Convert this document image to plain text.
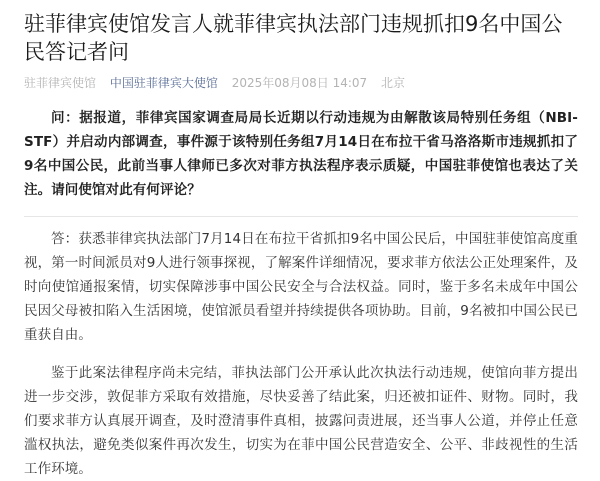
驻菲律宾使馆发言人就菲律宾执法部门违规抓扣9名中国公民答记者问
驻菲律宾使馆 中国驻菲律宾大使馆 2025年08月08日 14:07 北京

问：据报道，菲律宾国家调查局局长近期以行动违规为由解散该局特别任务组（NBI-STF）并启动内部调查，事件源于该特别任务组7月14日在布拉干省马洛洛斯市违规抓扣了9名中国公民，此前当事人律师已多次对菲方执法程序表示质疑，中国驻菲使馆也表达了关注。请问使馆对此有何评论？

答：获悉菲律宾执法部门7月14日在布拉干省抓扣9名中国公民后，中国驻菲使馆高度重视，第一时间派员对9人进行领事探视，了解案件详细情况，要求菲方依法公正处理案件，及时向使馆通报案情，切实保障涉事中国公民安全与合法权益。同时，鉴于多名未成年中国公民因父母被扣陷入生活困境，使馆派员看望并持续提供各项协助。目前，9名被扣中国公民已重获自由。

鉴于此案法律程序尚未完结，菲执法部门公开承认此次执法行动违规，使馆向菲方提出进一步交涉，敦促菲方采取有效措施，尽快妥善了结此案，归还被扣证件、财物。同时，我们要求菲方认真展开调查，及时澄清事件真相，披露问责进展，还当事人公道，并停止任意滥权执法，避免类似案件再次发生，切实为在菲中国公民营造安全、公平、非歧视性的生活工作环境。
